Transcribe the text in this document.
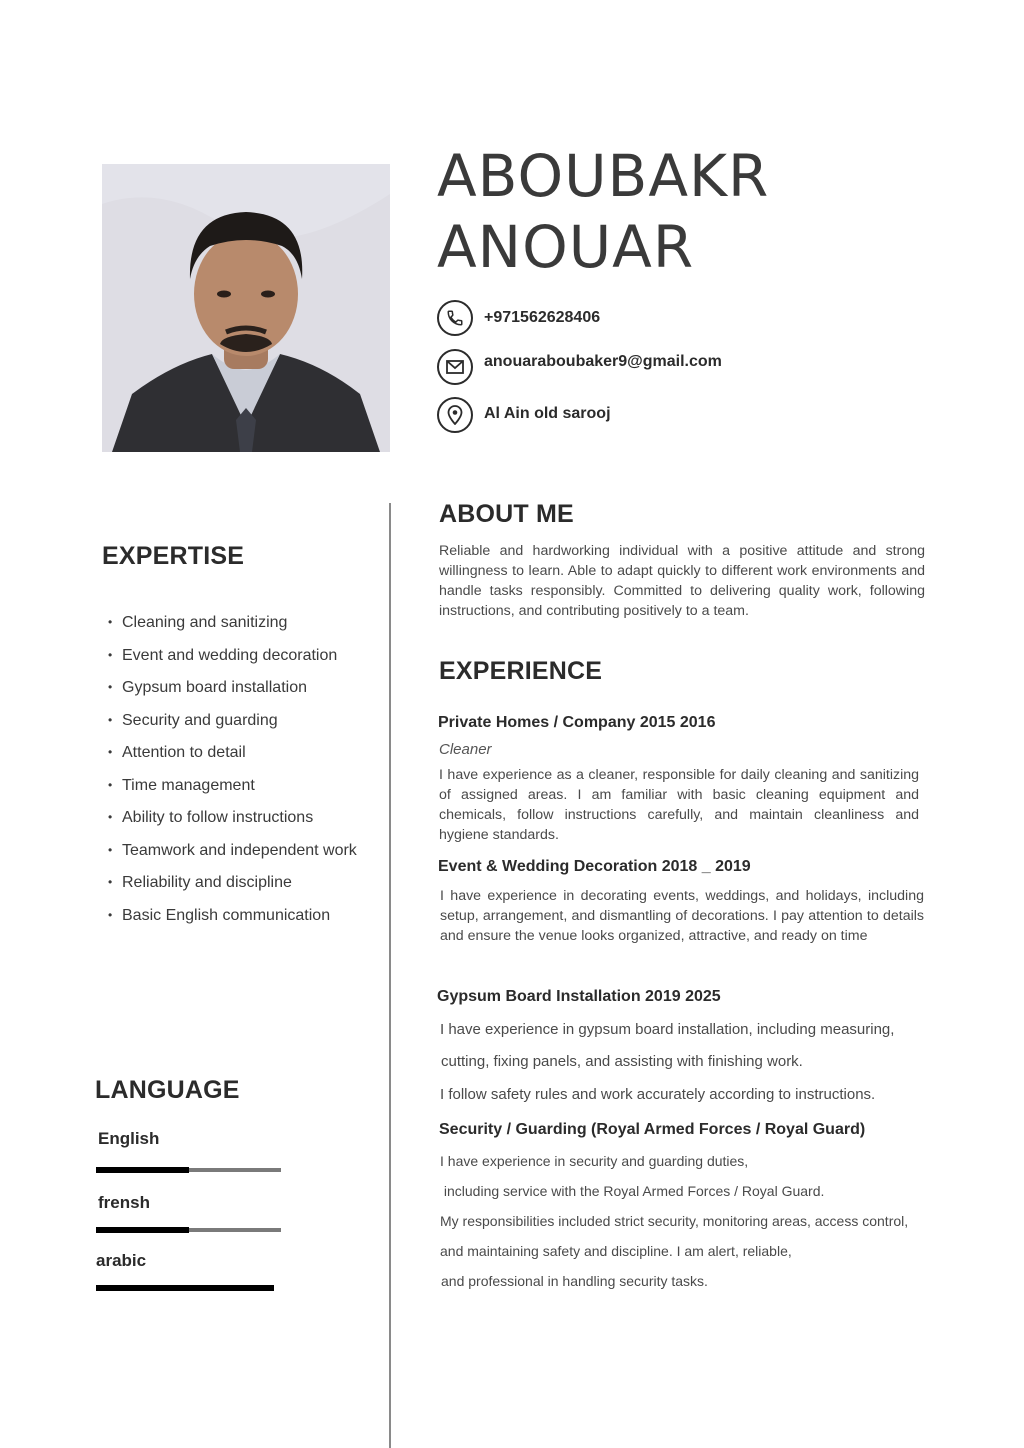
ABOUBAKR
ANOUAR
+971562628406
anouaraboubaker9@gmail.com
Al Ain old sarooj
EXPERTISE
• Cleaning and sanitizing
• Event and wedding decoration
• Gypsum board installation
• Security and guarding
• Attention to detail
• Time management
• Ability to follow instructions
• Teamwork and independent work
• Reliability and discipline
• Basic English communication
LANGUAGE
English
frensh
arabic
ABOUT ME
Reliable and hardworking individual with a positive attitude and strong willingness to learn. Able to adapt quickly to different work environments and handle tasks responsibly. Committed to delivering quality work, following instructions, and contributing positively to a team.
EXPERIENCE
Private Homes / Company 2015 2016
Cleaner
I have experience as a cleaner, responsible for daily cleaning and sanitizing of assigned areas. I am familiar with basic cleaning equipment and chemicals, follow instructions carefully, and maintain cleanliness and hygiene standards.
Event & Wedding Decoration 2018 _ 2019
I have experience in decorating events, weddings, and holidays, including setup, arrangement, and dismantling of decorations. I pay attention to details and ensure the venue looks organized, attractive, and ready on time
Gypsum Board Installation 2019 2025
I have experience in gypsum board installation, including measuring,
cutting, fixing panels, and assisting with finishing work.
I follow safety rules and work accurately according to instructions.
Security / Guarding (Royal Armed Forces / Royal Guard)
I have experience in security and guarding duties,
including service with the Royal Armed Forces / Royal Guard.
My responsibilities included strict security, monitoring areas, access control,
and maintaining safety and discipline. I am alert, reliable,
and professional in handling security tasks.
